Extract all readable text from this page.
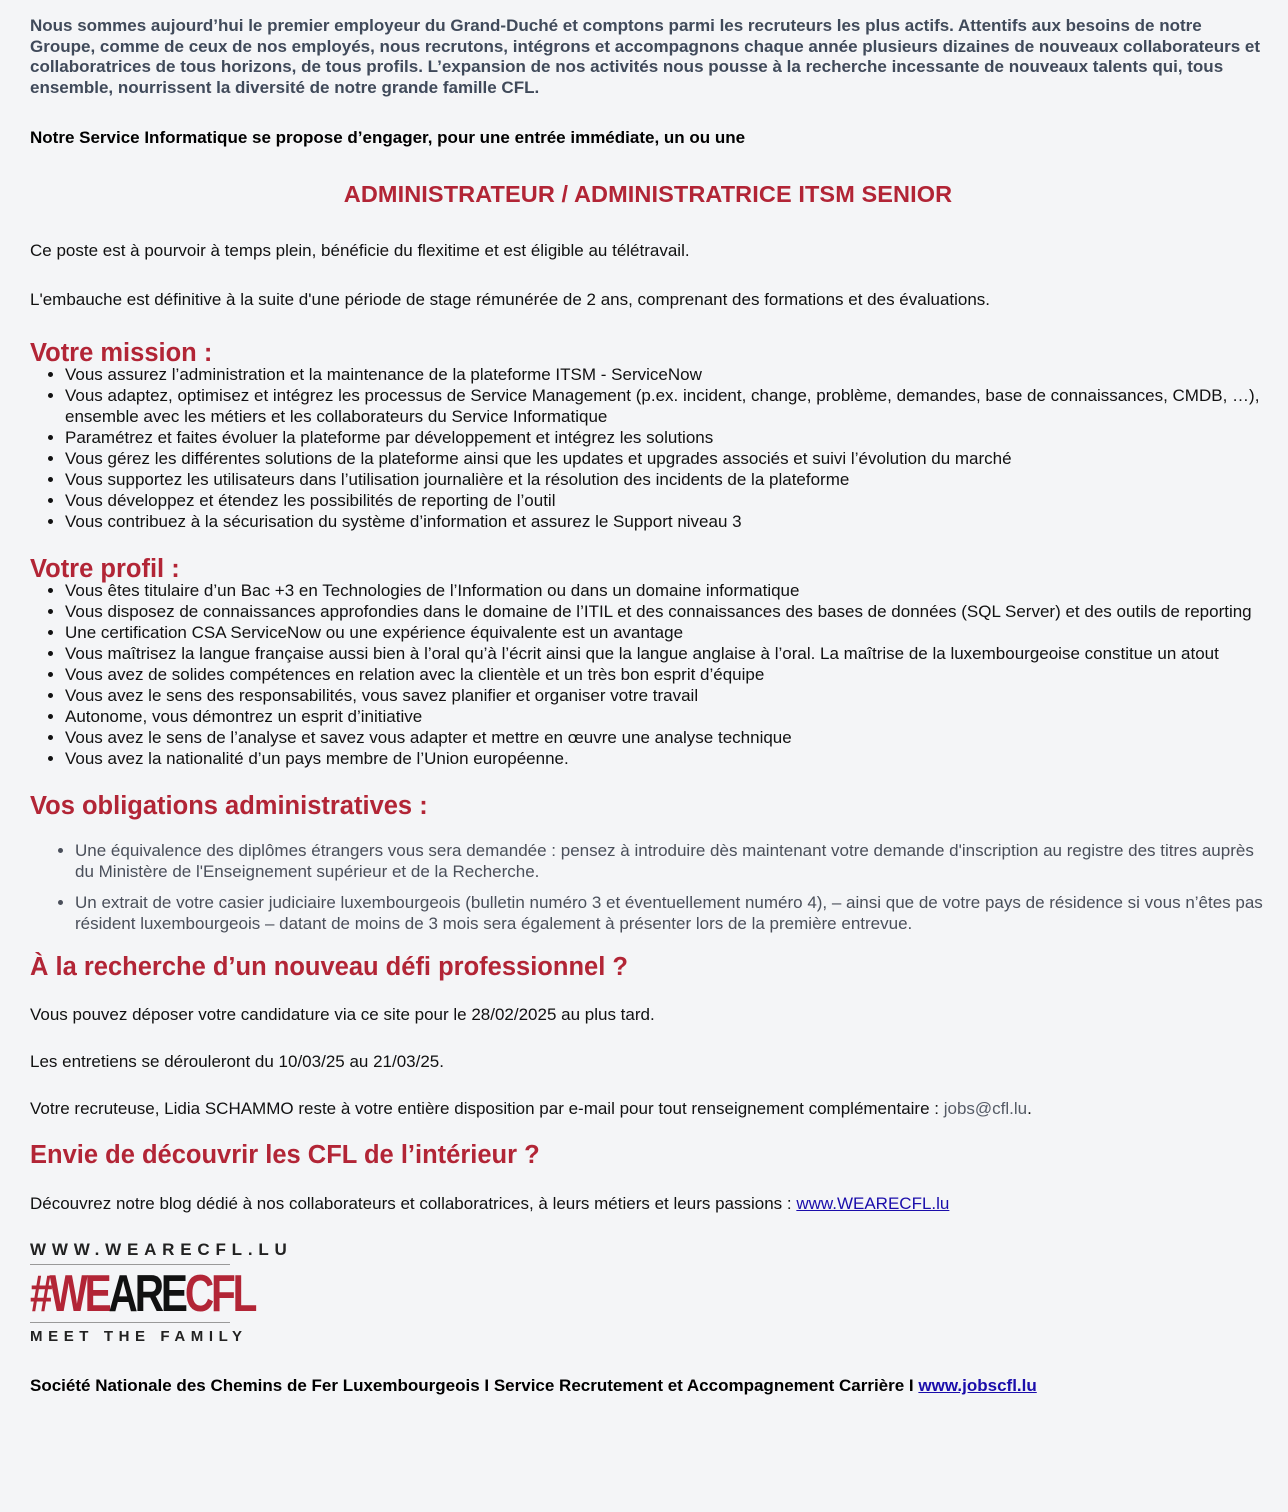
Nous sommes aujourd’hui le premier employeur du Grand-Duché et comptons parmi les recruteurs les plus actifs. Attentifs aux besoins de notre Groupe, comme de ceux de nos employés, nous recrutons, intégrons et accompagnons chaque année plusieurs dizaines de nouveaux collaborateurs et collaboratrices de tous horizons, de tous profils. L’expansion de nos activités nous pousse à la recherche incessante de nouveaux talents qui, tous ensemble, nourrissent la diversité de notre grande famille CFL.

Notre Service Informatique se propose d’engager, pour une entrée immédiate, un ou une

ADMINISTRATEUR / ADMINISTRATRICE ITSM SENIOR

Ce poste est à pourvoir à temps plein, bénéficie du flexitime et est éligible au télétravail.

L'embauche est définitive à la suite d'une période de stage rémunérée de 2 ans, comprenant des formations et des évaluations.

Votre mission :
• Vous assurez l’administration et la maintenance de la plateforme ITSM - ServiceNow
• Vous adaptez, optimisez et intégrez les processus de Service Management (p.ex. incident, change, problème, demandes, base de connaissances, CMDB, …), ensemble avec les métiers et les collaborateurs du Service Informatique
• Paramétrez et faites évoluer la plateforme par développement et intégrez les solutions
• Vous gérez les différentes solutions de la plateforme ainsi que les updates et upgrades associés et suivi l’évolution du marché
• Vous supportez les utilisateurs dans l’utilisation journalière et la résolution des incidents de la plateforme
• Vous développez et étendez les possibilités de reporting de l’outil
• Vous contribuez à la sécurisation du système d’information et assurez le Support niveau 3
Votre profil :
• Vous êtes titulaire d’un Bac +3 en Technologies de l’Information ou dans un domaine informatique
• Vous disposez de connaissances approfondies dans le domaine de l’ITIL et des connaissances des bases de données (SQL Server) et des outils de reporting
• Une certification CSA ServiceNow ou une expérience équivalente est un avantage
• Vous maîtrisez la langue française aussi bien à l’oral qu’à l’écrit ainsi que la langue anglaise à l’oral. La maîtrise de la luxembourgeoise constitue un atout
• Vous avez de solides compétences en relation avec la clientèle et un très bon esprit d’équipe
• Vous avez le sens des responsabilités, vous savez planifier et organiser votre travail
• Autonome, vous démontrez un esprit d’initiative
• Vous avez le sens de l’analyse et savez vous adapter et mettre en œuvre une analyse technique
• Vous avez la nationalité d’un pays membre de l’Union européenne.
Vos obligations administratives :
• Une équivalence des diplômes étrangers vous sera demandée : pensez à introduire dès maintenant votre demande d'inscription au registre des titres auprès du Ministère de l'Enseignement supérieur et de la Recherche.
• Un extrait de votre casier judiciaire luxembourgeois (bulletin numéro 3 et éventuellement numéro 4), – ainsi que de votre pays de résidence si vous n’êtes pas résident luxembourgeois – datant de moins de 3 mois sera également à présenter lors de la première entrevue.
À la recherche d’un nouveau défi professionnel ?

Vous pouvez déposer votre candidature via ce site pour le 28/02/2025 au plus tard.

Les entretiens se dérouleront du 10/03/25 au 21/03/25.

Votre recruteuse, Lidia SCHAMMO reste à votre entière disposition par e-mail pour tout renseignement complémentaire : jobs@cfl.lu.

Envie de découvrir les CFL de l’intérieur ?

Découvrez notre blog dédié à nos collaborateurs et collaboratrices, à leurs métiers et leurs passions : www.WEARECFL.lu

WWW.WEARECFL.LU
#WEARECFL
MEET THE FAMILY

Société Nationale des Chemins de Fer Luxembourgeois I Service Recrutement et Accompagnement Carrière I www.jobscfl.lu
